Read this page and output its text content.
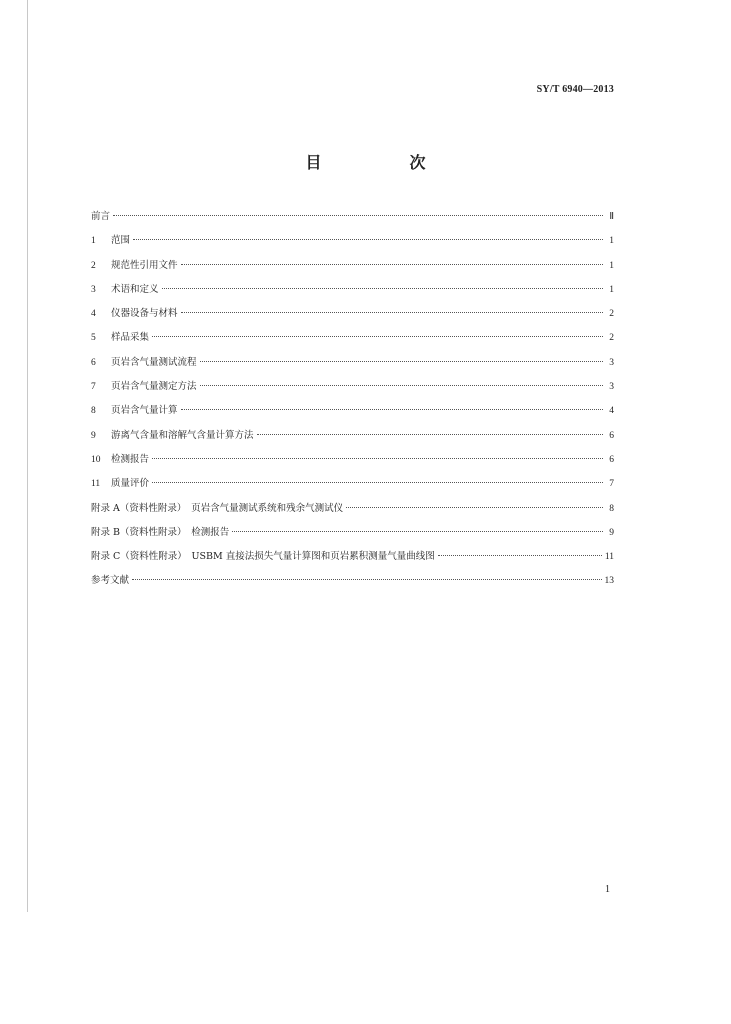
SY/T 6940—2013
目　次
前言	Ⅱ
1	范围	1
2	规范性引用文件	1
3	术语和定义	1
4	仪器设备与材料	2
5	样品采集	2
6	页岩含气量测试流程	3
7	页岩含气量测定方法	3
8	页岩含气量计算	4
9	游离气含量和溶解气含量计算方法	6
10	检测报告	6
11	质量评价	7
附录 A（资料性附录）　页岩含气量测试系统和残余气测试仪	8
附录 B（资料性附录）　检测报告	9
附录 C（资料性附录）　USBM 直接法损失气量计算图和页岩累积测量气量曲线图	11
参考文献	13
1
